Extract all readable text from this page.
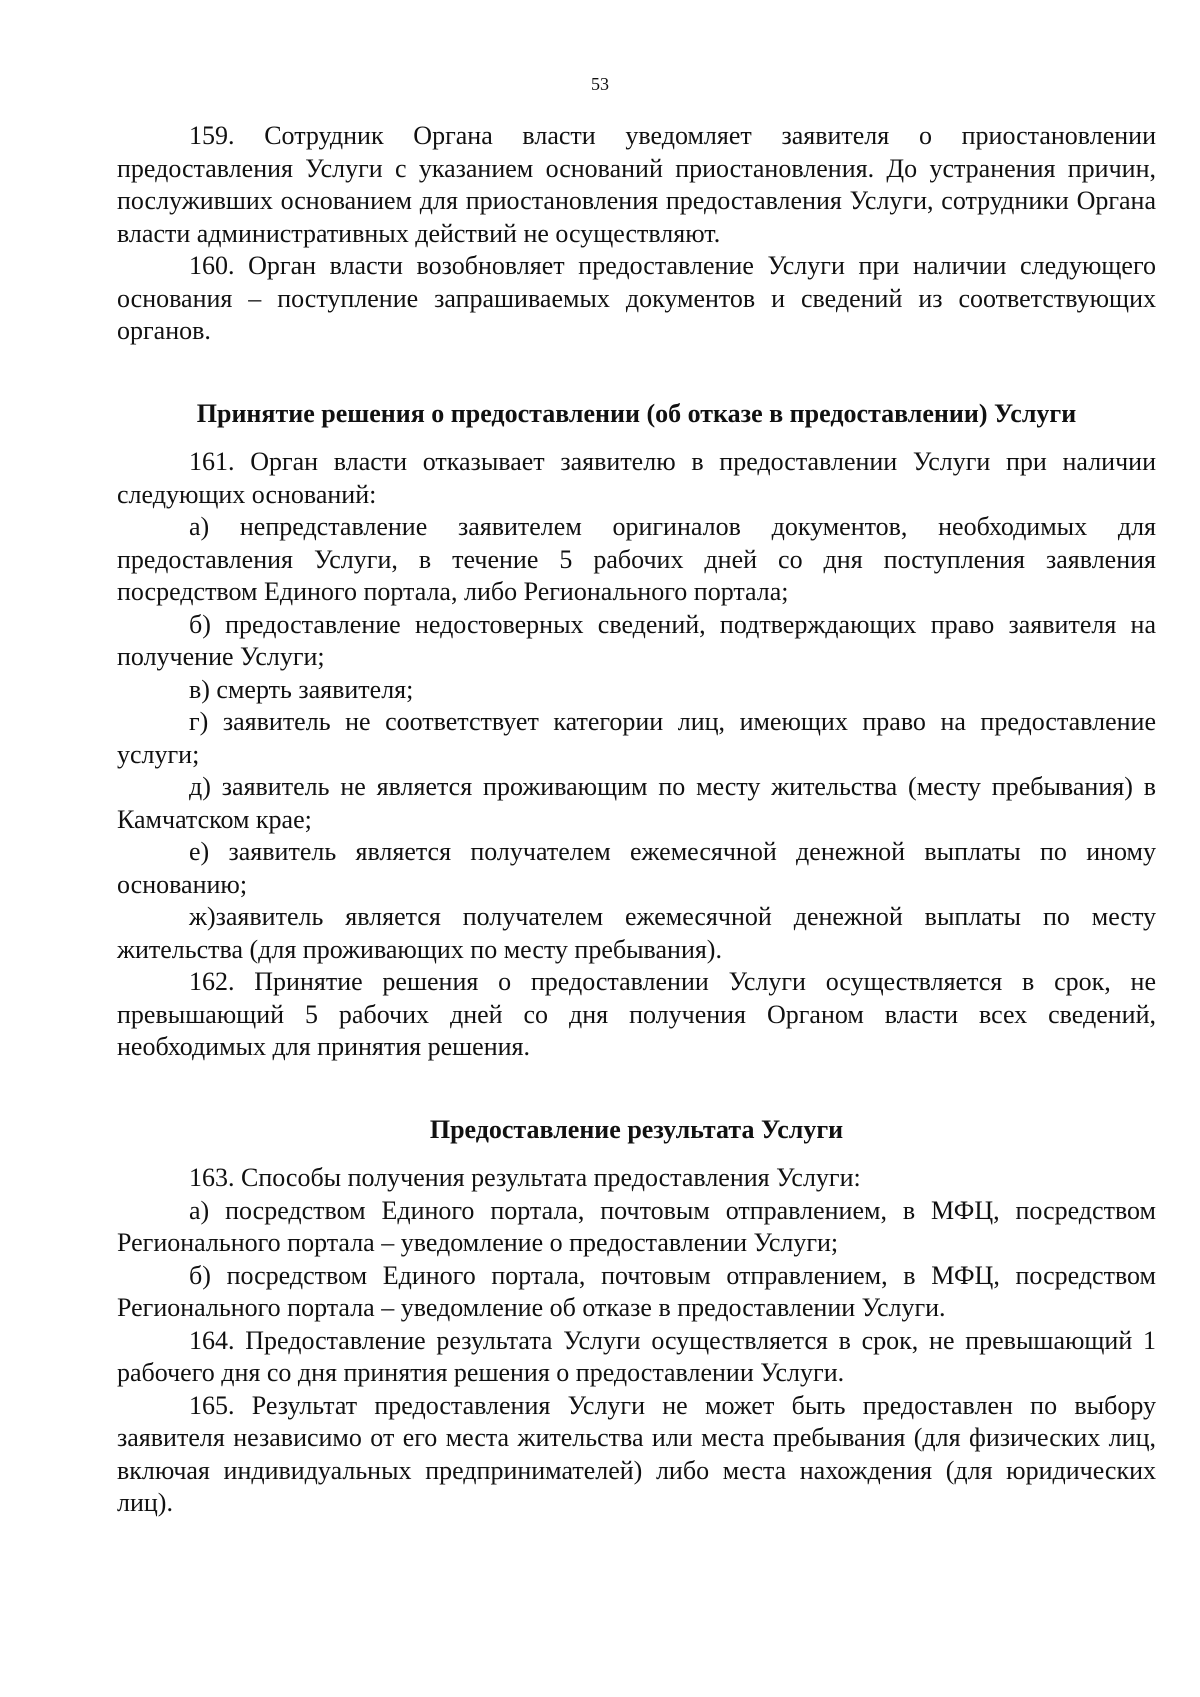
53

159. Сотрудник Органа власти уведомляет заявителя о приостановлении предоставления Услуги с указанием оснований приостановления. До устранения причин, послуживших основанием для приостановления предоставления Услуги, сотрудники Органа власти административных действий не осуществляют.

160. Орган власти возобновляет предоставление Услуги при наличии следующего основания – поступление запрашиваемых документов и сведений из соответствующих органов.

Принятие решения о предоставлении (об отказе в предоставлении) Услуги

161. Орган власти отказывает заявителю в предоставлении Услуги при наличии следующих оснований:

а) непредставление заявителем оригиналов документов, необходимых для предоставления Услуги, в течение 5 рабочих дней со дня поступления заявления посредством Единого портала, либо Регионального портала;

б) предоставление недостоверных сведений, подтверждающих право заявителя на получение Услуги;

в) смерть заявителя;

г) заявитель не соответствует категории лиц, имеющих право на предоставление услуги;

д) заявитель не является проживающим по месту жительства (месту пребывания) в Камчатском крае;

е) заявитель является получателем ежемесячной денежной выплаты по иному основанию;

ж)заявитель является получателем ежемесячной денежной выплаты по месту жительства (для проживающих по месту пребывания).

162. Принятие решения о предоставлении Услуги осуществляется в срок, не превышающий 5 рабочих дней со дня получения Органом власти всех сведений, необходимых для принятия решения.

Предоставление результата Услуги

163. Способы получения результата предоставления Услуги:

а) посредством Единого портала, почтовым отправлением, в МФЦ, посредством Регионального портала – уведомление о предоставлении Услуги;

б) посредством Единого портала, почтовым отправлением, в МФЦ, посредством Регионального портала – уведомление об отказе в предоставлении Услуги.

164. Предоставление результата Услуги осуществляется в срок, не превышающий 1 рабочего дня со дня принятия решения о предоставлении Услуги.

165. Результат предоставления Услуги не может быть предоставлен по выбору заявителя независимо от его места жительства или места пребывания (для физических лиц, включая индивидуальных предпринимателей) либо места нахождения (для юридических лиц).
